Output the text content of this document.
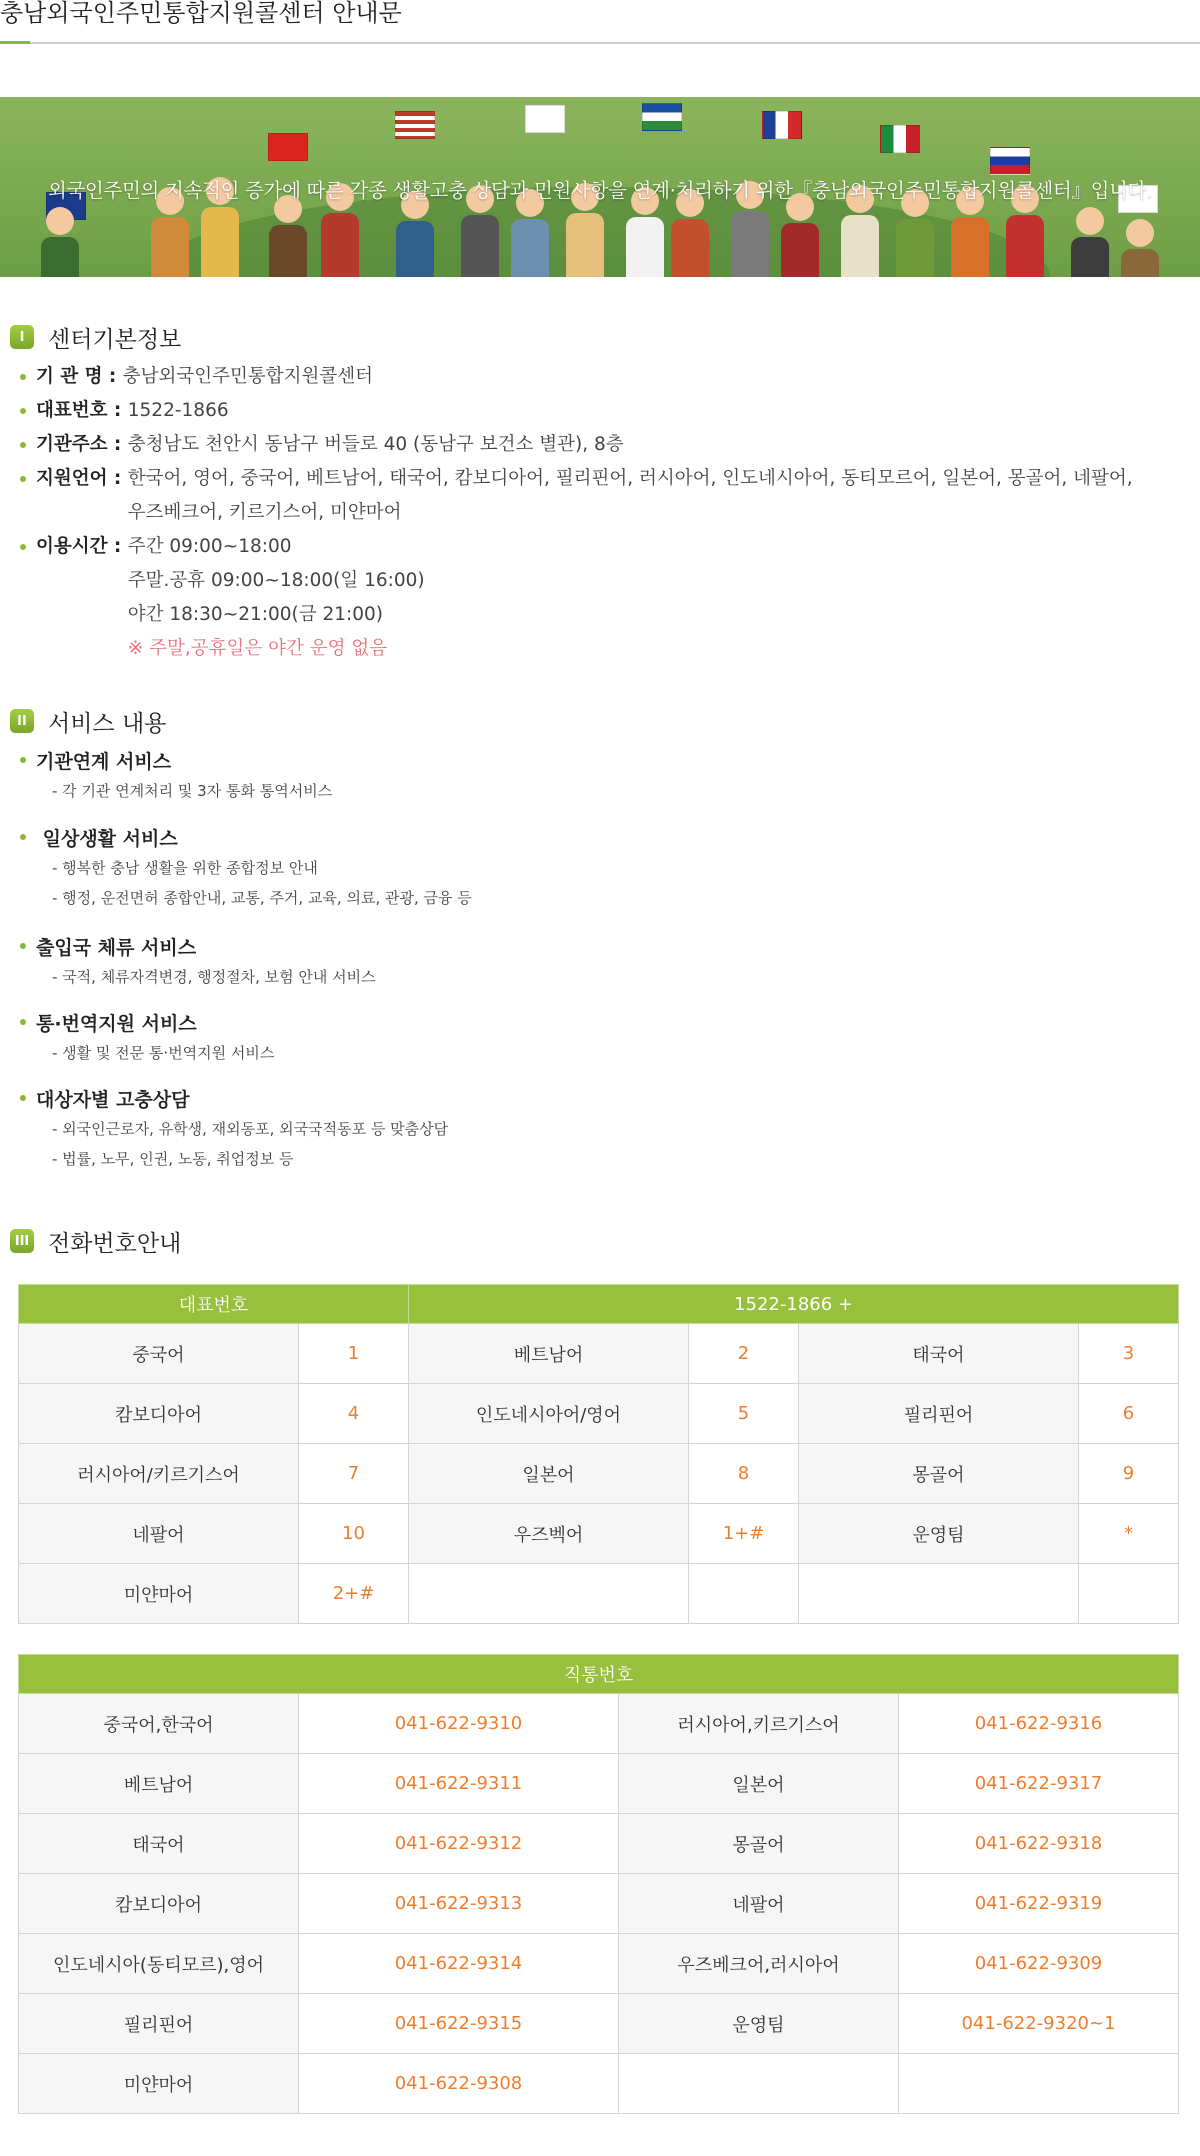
충남외국인주민통합지원콜센터 안내문
외국인주민의 지속적인 증가에 따른 각종 생활고충 상담과 민원사항을 연계·처리하기 위한『충남외국인주민통합지원콜센터』입니다.
I	센터기본정보
기 관 명 : 충남외국인주민통합지원콜센터
대표번호 : 1522-1866
기관주소 : 충청남도 천안시 동남구 버들로 40 (동남구 보건소 별관), 8층
지원언어 : 한국어, 영어, 중국어, 베트남어, 태국어, 캄보디아어, 필리핀어, 러시아어, 인도네시아어, 동티모르어, 일본어, 몽골어, 네팔어,
우즈베크어, 키르기스어, 미얀마어
이용시간 : 주간 09:00~18:00
주말.공휴 09:00~18:00(일 16:00)
야간 18:30~21:00(금 21:00)
※ 주말,공휴일은 야간 운영 없음
II 서비스 내용
기관연계 서비스
- 각 기관 연계처리 및 3자 통화 통역서비스
일상생활 서비스
- 행복한 충남 생활을 위한 종합정보 안내
- 행정, 운전면허 종합안내, 교통, 주거, 교육, 의료, 관광, 금융 등
출입국 체류 서비스
- 국적, 체류자격변경, 행정절차, 보험 안내 서비스
통·번역지원 서비스
- 생활 및 전문 통·번역지원 서비스
대상자별 고충상담
- 외국인근로자, 유학생, 재외동포, 외국국적동포 등 맞춤상담
- 법률, 노무, 인권, 노동, 취업정보 등
III 전화번호안내
대표번호		1522-1866 +			
중국어	1	베트남어	2	태국어	3
캄보디아어	4	인도네시아어/영어	5	필리핀어	6
러시아어/키르기스어	7	일본어	8	몽골어	9
네팔어	10	우즈벡어	1+#	운영팀	*
미얀마어	2+#				
직통번호			
중국어,한국어	041-622-9310	러시아어,키르기스어	041-622-9316
베트남어	041-622-9311	일본어	041-622-9317
태국어	041-622-9312	몽골어	041-622-9318
캄보디아어	041-622-9313	네팔어	041-622-9319
인도네시아(동티모르),영어	041-622-9314	우즈베크어,러시아어	041-622-9309
필리핀어	041-622-9315	운영팀	041-622-9320~1
미얀마어	041-622-9308		
